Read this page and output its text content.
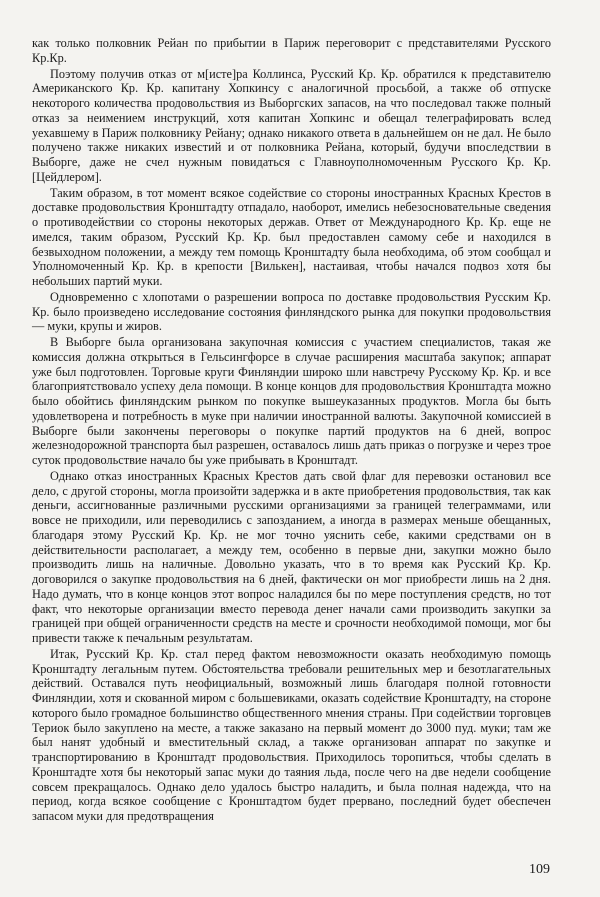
как только полковник Рейан по прибытии в Париж переговорит с представителями Русского Кр.Кр.

Поэтому получив отказ от м[исте]ра Коллинса, Русский Кр. Кр. обратился к представителю Американского Кр. Кр. капитану Хопкинсу с аналогичной просьбой, а также об отпуске некоторого количества продовольствия из Выборгских запасов, на что последовал также полный отказ за неимением инструкций, хотя капитан Хопкинс и обещал телеграфировать вслед уехавшему в Париж полковнику Рейану; однако никакого ответа в дальнейшем он не дал. Не было получено также никаких известий и от полковника Рейана, который, будучи впоследствии в Выборге, даже не счел нужным повидаться с Главноуполномоченным Русского Кр. Кр. [Цейдлером].

Таким образом, в тот момент всякое содействие со стороны иностранных Красных Крестов в доставке продовольствия Кронштадту отпадало, наоборот, имелись небезосновательные сведения о противодействии со стороны некоторых держав. Ответ от Международного Кр. Кр. еще не имелся, таким образом, Русский Кр. Кр. был предоставлен самому себе и находился в безвыходном положении, а между тем помощь Кронштадту была необходима, об этом сообщал и Уполномоченный Кр. Кр. в крепости [Вилькен], настаивая, чтобы начался подвоз хотя бы небольших партий муки.

Одновременно с хлопотами о разрешении вопроса по доставке продовольствия Русским Кр. Кр. было произведено исследование состояния финляндского рынка для покупки продовольствия — муки, крупы и жиров.

В Выборге была организована закупочная комиссия с участием специалистов, такая же комиссия должна открыться в Гельсингфорсе в случае расширения масштаба закупок; аппарат уже был подготовлен. Торговые круги Финляндии широко шли навстречу Русскому Кр. Кр. и все благоприятствовало успеху дела помощи. В конце концов для продовольствия Кронштадта можно было обойтись финляндским рынком по покупке вышеуказанных продуктов. Могла бы быть удовлетворена и потребность в муке при наличии иностранной валюты. Закупочной комиссией в Выборге были закончены переговоры о покупке партий продуктов на 6 дней, вопрос железнодорожной транспорта был разрешен, оставалось лишь дать приказ о погрузке и через трое суток продовольствие начало бы уже прибывать в Кронштадт.

Однако отказ иностранных Красных Крестов дать свой флаг для перевозки остановил все дело, с другой стороны, могла произойти задержка и в акте приобретения продовольствия, так как деньги, ассигнованные различными русскими организациями за границей телеграммами, или вовсе не приходили, или переводились с запозданием, а иногда в размерах меньше обещанных, благодаря этому Русский Кр. Кр. не мог точно уяснить себе, какими средствами он в действительности располагает, а между тем, особенно в первые дни, закупки можно было производить лишь на наличные. Довольно указать, что в то время как Русский Кр. Кр. договорился о закупке продовольствия на 6 дней, фактически он мог приобрести лишь на 2 дня. Надо думать, что в конце концов этот вопрос наладился бы по мере поступления средств, но тот факт, что некоторые организации вместо перевода денег начали сами производить закупки за границей при общей ограниченности средств на месте и срочности необходимой помощи, мог бы привести также к печальным результатам.

Итак, Русский Кр. Кр. стал перед фактом невозможности оказать необходимую помощь Кронштадту легальным путем. Обстоятельства требовали решительных мер и безотлагательных действий. Оставался путь неофициальный, возможный лишь благодаря полной готовности Финляндии, хотя и скованной миром с большевиками, оказать содействие Кронштадту, на стороне которого было громадное большинство общественного мнения страны. При содействии торговцев Териок было закуплено на месте, а также заказано на первый момент до 3000 пуд. муки; там же был нанят удобный и вместительный склад, а также организован аппарат по закупке и транспортированию в Кронштадт продовольствия. Приходилось торопиться, чтобы сделать в Кронштадте хотя бы некоторый запас муки до таяния льда, после чего на две недели сообщение совсем прекращалось. Однако дело удалось быстро наладить, и была полная надежда, что на период, когда всякое сообщение с Кронштадтом будет прервано, последний будет обеспечен запасом муки для предотвращения

109
